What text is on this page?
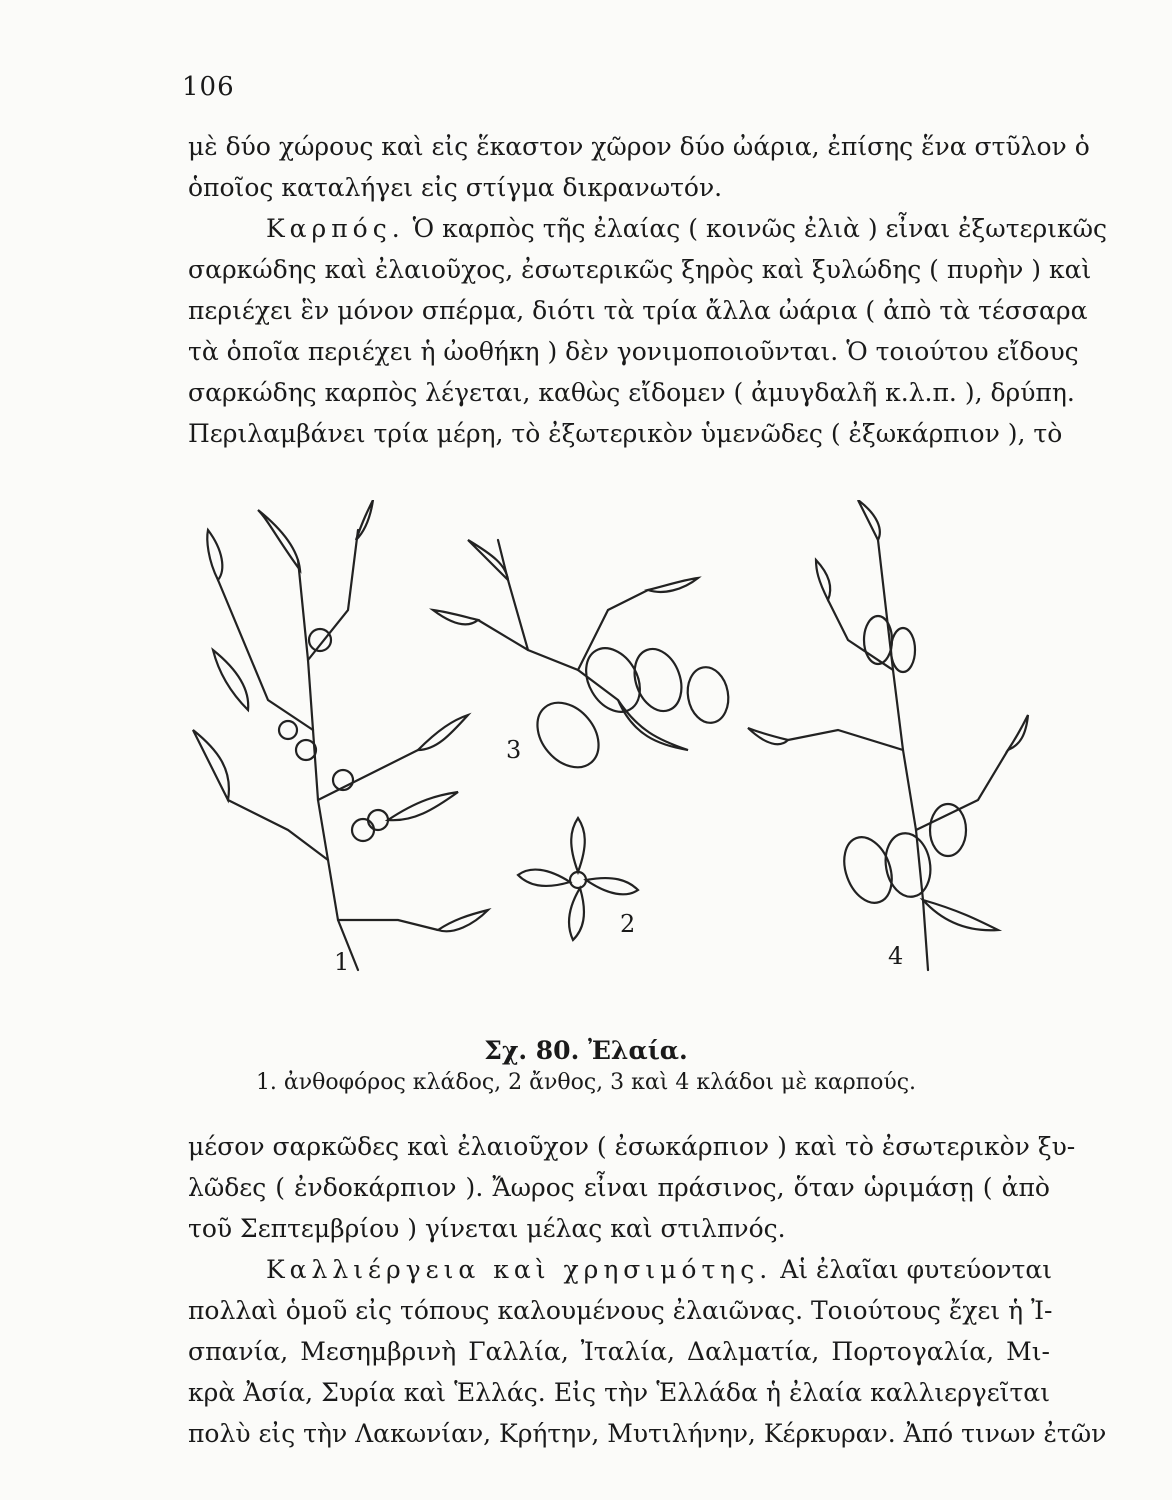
106
μὲ δύο χώρους καὶ εἰς ἕκαστον χῶρον δύο ὠάρια, ἐπίσης ἕνα στῦλον ὁ
ὁποῖος καταλήγει εἰς στίγμα δικρανωτόν.
Καρπός. Ὁ καρπὸς τῆς ἐλαίας ( κοινῶς ἐλιὰ ) εἶναι ἐξωτερικῶς
σαρκώδης καὶ ἐλαιοῦχος, ἐσωτερικῶς ξηρὸς καὶ ξυλώδης ( πυρὴν ) καὶ
περιέχει ἓν μόνον σπέρμα, διότι τὰ τρία ἄλλα ὠάρια ( ἀπὸ τὰ τέσσαρα
τὰ ὁποῖα περιέχει ἡ ὠοθήκη ) δὲν γονιμοποιοῦνται. Ὁ τοιούτου εἴδους
σαρκώδης καρπὸς λέγεται, καθὼς εἴδομεν ( ἀμυγδαλῆ κ.λ.π. ), δρύπη.
Περιλαμβάνει τρία μέρη, τὸ ἐξωτερικὸν ὑμενῶδες ( ἐξωκάρπιον ), τὸ
1
2
3
4
Σχ. 80. Ἐλαία.
1. ἀνθοφόρος κλάδος, 2 ἄνθος, 3 καὶ 4 κλάδοι μὲ καρπούς.
μέσον σαρκῶδες καὶ ἐλαιοῦχον ( ἐσωκάρπιον ) καὶ τὸ ἐσωτερικὸν ξυ-
λῶδες ( ἐνδοκάρπιον ). Ἄωρος εἶναι πράσινος, ὅταν ὡριμάσῃ ( ἀπὸ
τοῦ Σεπτεμβρίου ) γίνεται μέλας καὶ στιλπνός.
Καλλιέργεια καὶ χρησιμότης. Αἱ ἐλαῖαι φυτεύονται
πολλαὶ ὁμοῦ εἰς τόπους καλουμένους ἐλαιῶνας. Τοιούτους ἔχει ἡ Ἰ-
σπανία, Μεσημβρινὴ Γαλλία, Ἰταλία, Δαλματία, Πορτογαλία, Μι-
κρὰ Ἀσία, Συρία καὶ Ἑλλάς. Εἰς τὴν Ἑλλάδα ἡ ἐλαία καλλιεργεῖται
πολὺ εἰς τὴν Λακωνίαν, Κρήτην, Μυτιλήνην, Κέρκυραν. Ἀπό τινων ἐτῶν
